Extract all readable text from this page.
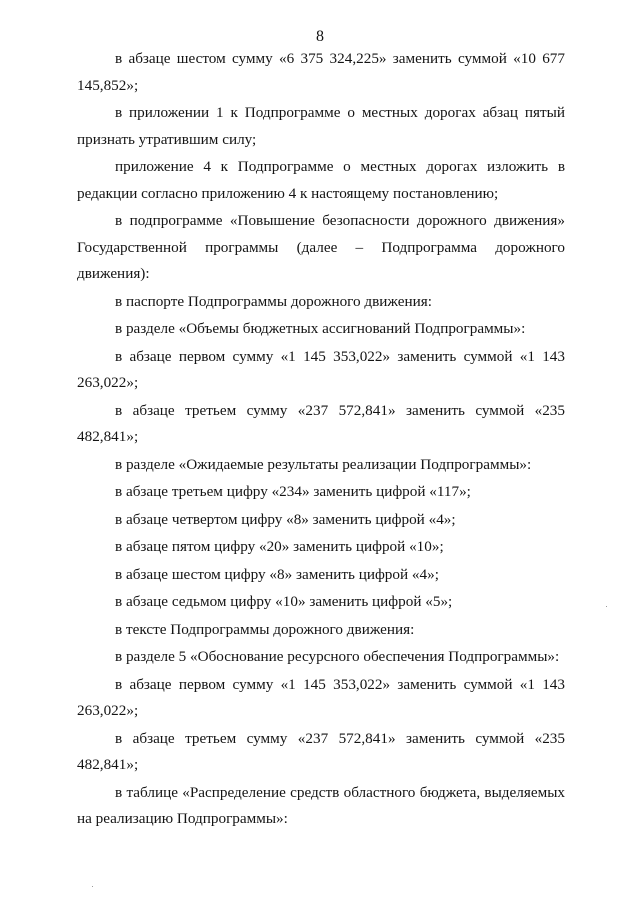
8

в абзаце шестом сумму «6 375 324,225» заменить суммой «10 677 145,852»;

в приложении 1 к Подпрограмме о местных дорогах абзац пятый признать утратившим силу;

приложение 4 к Подпрограмме о местных дорогах изложить в редакции согласно приложению 4 к настоящему постановлению;

в подпрограмме «Повышение безопасности дорожного движения» Государственной программы (далее – Подпрограмма дорожного движения):

в паспорте Подпрограммы дорожного движения:

в разделе «Объемы бюджетных ассигнований Подпрограммы»:

в абзаце первом сумму «1 145 353,022» заменить суммой «1 143 263,022»;

в абзаце третьем сумму «237 572,841» заменить суммой «235 482,841»;

в разделе «Ожидаемые результаты реализации Подпрограммы»:

в абзаце третьем цифру «234» заменить цифрой «117»;

в абзаце четвертом цифру «8» заменить цифрой «4»;

в абзаце пятом цифру «20» заменить цифрой «10»;

в абзаце шестом цифру «8» заменить цифрой «4»;

в абзаце седьмом цифру «10» заменить цифрой «5»;

в тексте Подпрограммы дорожного движения:

в разделе 5 «Обоснование ресурсного обеспечения Подпрограммы»:

в абзаце первом сумму «1 145 353,022» заменить суммой «1 143 263,022»;

в абзаце третьем сумму «237 572,841» заменить суммой «235 482,841»;

в таблице «Распределение средств областного бюджета, выделяемых на реализацию Подпрограммы»:
